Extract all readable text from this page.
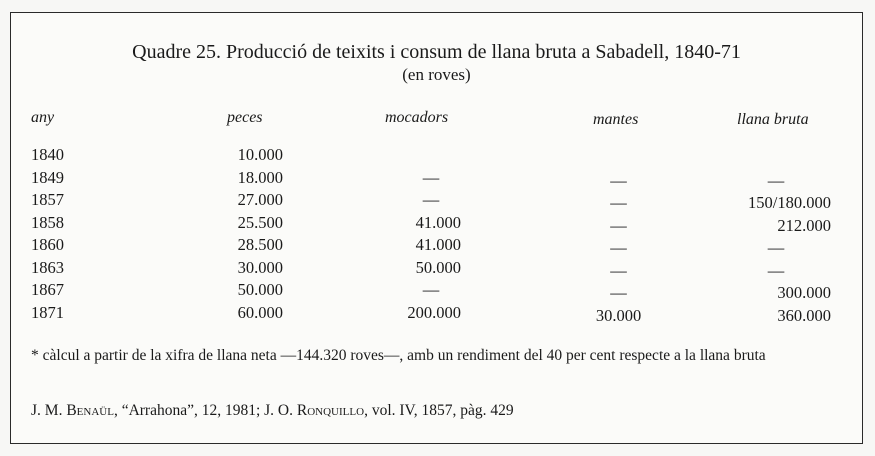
Quadre 25. Producció de teixits i consum de llana bruta a Sabadell, 1840-71
(en roves)
any	peces	mocadors	mantes	llana bruta
1840	10.000
1849	18.000	—	—	—
1857	27.000	—	—	150/180.000
1858	25.500	41.000	—	212.000
1860	28.500	41.000	—	—
1863	30.000	50.000	—	—
1867	50.000	—	—	300.000
1871	60.000	200.000	30.000	360.000
* càlcul a partir de la xifra de llana neta —144.320 roves—, amb un rendiment del 40 per cent respecte a la llana bruta
J. M. Benaül, “Arrahona”, 12, 1981; J. O. Ronquillo, vol. IV, 1857, pàg. 429
